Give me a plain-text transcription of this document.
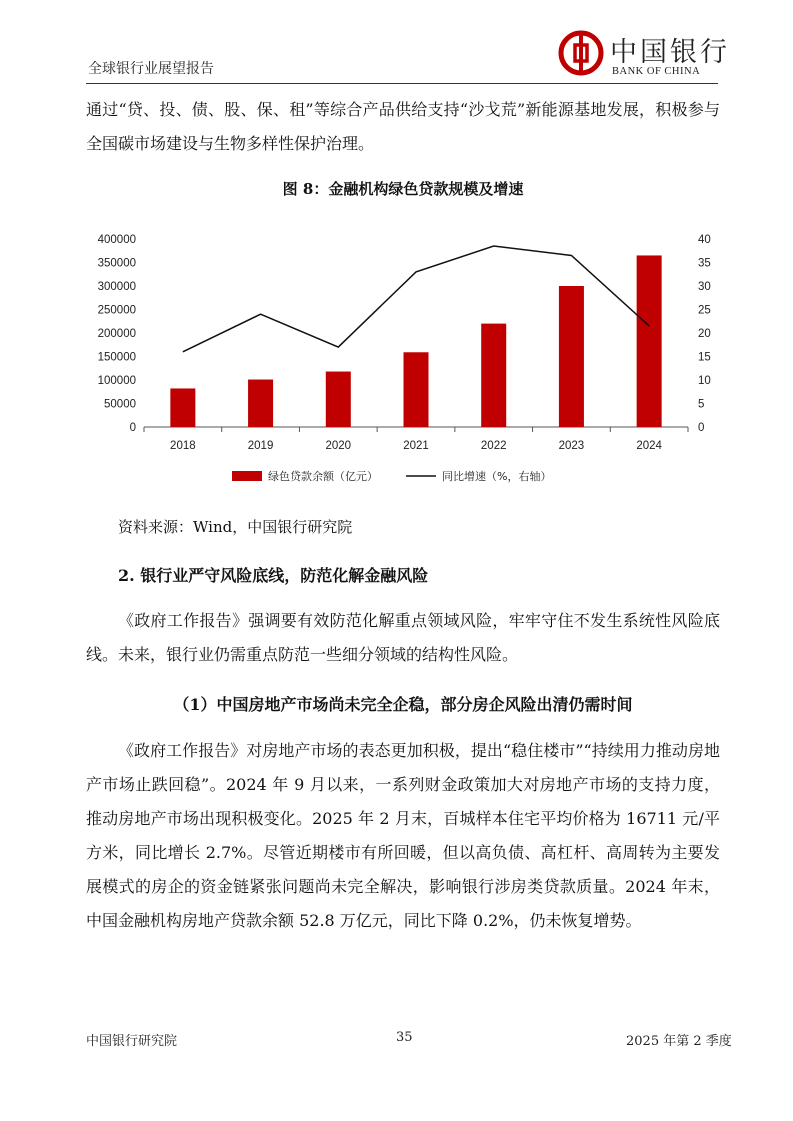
全球银行业展望报告
中国银行
BANK OF CHINA
通过“贷、投、债、股、保、租”等综合产品供给支持“沙戈荒”新能源基地发展，积极参与全国碳市场建设与生物多样性保护治理。
图 8：金融机构绿色贷款规模及增速
2018	2019	2020	2021	2022	2023	2024
0
50000
100000
150000
200000
250000
300000
350000
400000
0
5
10
15
20
25
30
35
40
绿色贷款余额（亿元）	同比增速（%，右轴）
资料来源：Wind，中国银行研究院
2. 银行业严守风险底线，防范化解金融风险
《政府工作报告》强调要有效防范化解重点领域风险，牢牢守住不发生系统性风险底线。未来，银行业仍需重点防范一些细分领域的结构性风险。
（1）中国房地产市场尚未完全企稳，部分房企风险出清仍需时间
《政府工作报告》对房地产市场的表态更加积极，提出“稳住楼市”“持续用力推动房地产市场止跌回稳”。2024 年 9 月以来，一系列财金政策加大对房地产市场的支持力度，推动房地产市场出现积极变化。2025 年 2 月末，百城样本住宅平均价格为 16711 元/平方米，同比增长 2.7%。尽管近期楼市有所回暖，但以高负债、高杠杆、高周转为主要发展模式的房企的资金链紧张问题尚未完全解决，影响银行涉房类贷款质量。2024 年末，中国金融机构房地产贷款余额 52.8 万亿元，同比下降 0.2%，仍未恢复增势。
中国银行研究院	35	2025 年第 2 季度
